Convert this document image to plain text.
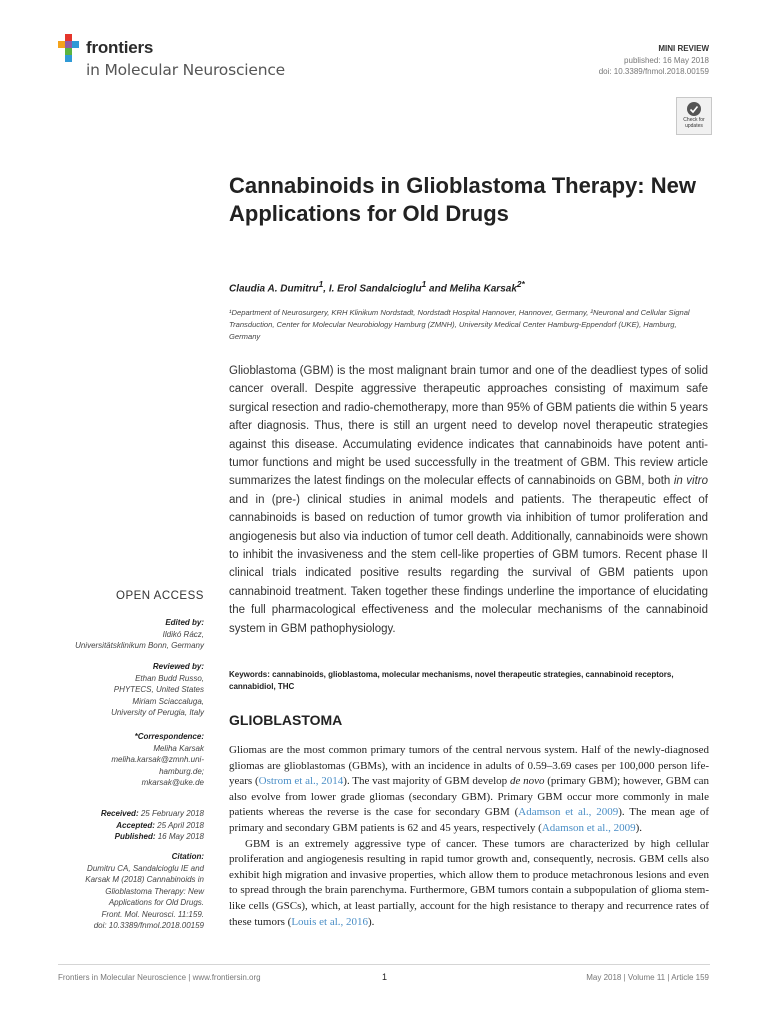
frontiers
in Molecular Neuroscience
MINI REVIEW
published: 16 May 2018
doi: 10.3389/fnmol.2018.00159
Check for updates
Cannabinoids in Glioblastoma Therapy: New Applications for Old Drugs
Claudia A. Dumitru$^1$, I. Erol Sandalcioglu$^1$ and Meliha Karsak$^{2*}$
¹Department of Neurosurgery, KRH Klinikum Nordstadt, Nordstadt Hospital Hannover, Hannover, Germany, ²Neuronal and Cellular Signal Transduction, Center for Molecular Neurobiology Hamburg (ZMNH), University Medical Center Hamburg-Eppendorf (UKE), Hamburg, Germany
Glioblastoma (GBM) is the most malignant brain tumor and one of the deadliest types of solid cancer overall. Despite aggressive therapeutic approaches consisting of maximum safe surgical resection and radio-chemotherapy, more than 95% of GBM patients die within 5 years after diagnosis. Thus, there is still an urgent need to develop novel therapeutic strategies against this disease. Accumulating evidence indicates that cannabinoids have potent anti-tumor functions and might be used successfully in the treatment of GBM. This review article summarizes the latest findings on the molecular effects of cannabinoids on GBM, both in vitro and in (pre-) clinical studies in animal models and patients. The therapeutic effect of cannabinoids is based on reduction of tumor growth via inhibition of tumor proliferation and angiogenesis but also via induction of tumor cell death. Additionally, cannabinoids were shown to inhibit the invasiveness and the stem cell-like properties of GBM tumors. Recent phase II clinical trials indicated positive results regarding the survival of GBM patients upon cannabinoid treatment. Taken together these findings underline the importance of elucidating the full pharmacological effectiveness and the molecular mechanisms of the cannabinoid system in GBM pathophysiology.
Keywords: cannabinoids, glioblastoma, molecular mechanisms, novel therapeutic strategies, cannabinoid receptors, cannabidiol, THC
GLIOBLASTOMA

Gliomas are the most common primary tumors of the central nervous system. Half of the newly-diagnosed gliomas are glioblastomas (GBMs), with an incidence in adults of 0.59–3.69 cases per 100,000 person life-years (Ostrom et al., 2014). The vast majority of GBM develop de novo (primary GBM); however, GBM can also evolve from lower grade gliomas (secondary GBM). Primary GBM occur more commonly in male patients whereas the reverse is the case for secondary GBM (Adamson et al., 2009). The mean age of primary and secondary GBM patients is 62 and 45 years, respectively (Adamson et al., 2009).

GBM is an extremely aggressive type of cancer. These tumors are characterized by high cellular proliferation and angiogenesis resulting in rapid tumor growth and, consequently, necrosis. GBM cells also exhibit high migration and invasive properties, which allow them to produce metachronous lesions and even to spread through the brain parenchyma. Furthermore, GBM tumors contain a subpopulation of glioma stem-like cells (GSCs), which, at least partially, account for the high resistance to therapy and recurrence rates of these tumors (Louis et al., 2016).

OPEN ACCESS

Edited by:

Ildikó Rácz,

Universitätsklinikum Bonn, Germany

Reviewed by:

Ethan Budd Russo,

PHYTECS, United States

Miriam Sciaccaluga,

University of Perugia, Italy

*Correspondence:

Meliha Karsak

meliha.karsak@zmnh.uni-

hamburg.de;

mkarsak@uke.de

Received: 25 February 2018

Accepted: 25 April 2018

Published: 16 May 2018

Citation:

Dumitru CA, Sandalcioglu IE and

Karsak M (2018) Cannabinoids in

Glioblastoma Therapy: New

Applications for Old Drugs.

Front. Mol. Neurosci. 11:159.

doi: 10.3389/fnmol.2018.00159

Frontiers in Molecular Neuroscience | www.frontiersin.org	1	May 2018 | Volume 11 | Article 159
